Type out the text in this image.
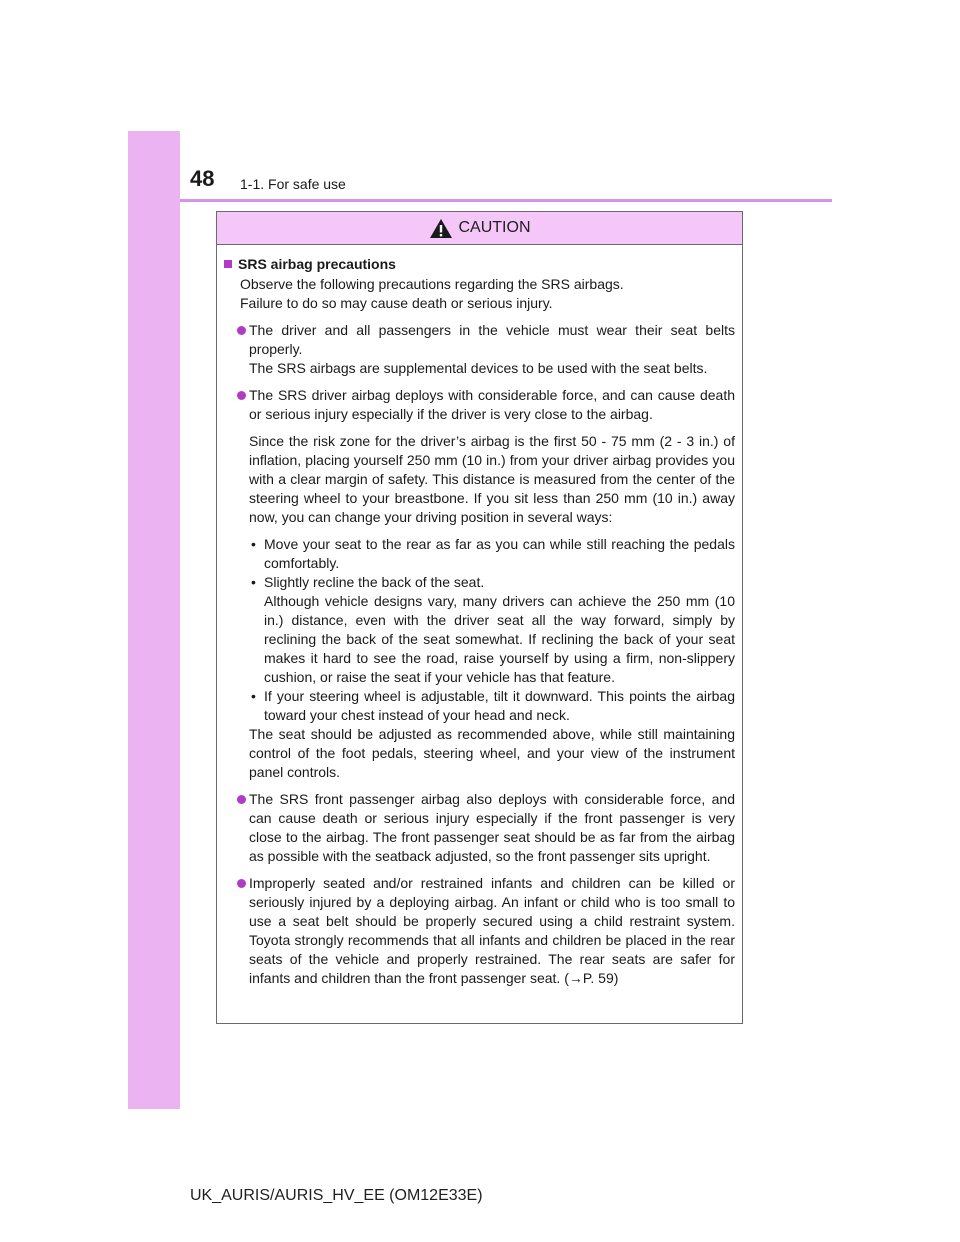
48 1-1. For safe use
CAUTION
SRS airbag precautions
Observe the following precautions regarding the SRS airbags.
Failure to do so may cause death or serious injury.
The driver and all passengers in the vehicle must wear their seat belts properly.
The SRS airbags are supplemental devices to be used with the seat belts.
The SRS driver airbag deploys with considerable force, and can cause death or serious injury especially if the driver is very close to the airbag.
Since the risk zone for the driver’s airbag is the first 50 - 75 mm (2 - 3 in.) of inflation, placing yourself 250 mm (10 in.) from your driver airbag provides you with a clear margin of safety. This distance is measured from the center of the steering wheel to your breastbone. If you sit less than 250 mm (10 in.) away now, you can change your driving position in several ways:
• Move your seat to the rear as far as you can while still reaching the pedals comfortably.
• Slightly recline the back of the seat.
Although vehicle designs vary, many drivers can achieve the 250 mm (10 in.) distance, even with the driver seat all the way forward, simply by reclining the back of the seat somewhat. If reclining the back of your seat makes it hard to see the road, raise yourself by using a firm, non-slippery cushion, or raise the seat if your vehicle has that feature.
• If your steering wheel is adjustable, tilt it downward. This points the airbag toward your chest instead of your head and neck.
The seat should be adjusted as recommended above, while still maintaining control of the foot pedals, steering wheel, and your view of the instrument panel controls.
The SRS front passenger airbag also deploys with considerable force, and can cause death or serious injury especially if the front passenger is very close to the airbag. The front passenger seat should be as far from the airbag as possible with the seatback adjusted, so the front passenger sits upright.
Improperly seated and/or restrained infants and children can be killed or seriously injured by a deploying airbag. An infant or child who is too small to use a seat belt should be properly secured using a child restraint system. Toyota strongly recommends that all infants and children be placed in the rear seats of the vehicle and properly restrained. The rear seats are safer for infants and children than the front passenger seat. (→P. 59)
UK_AURIS/AURIS_HV_EE (OM12E33E)
